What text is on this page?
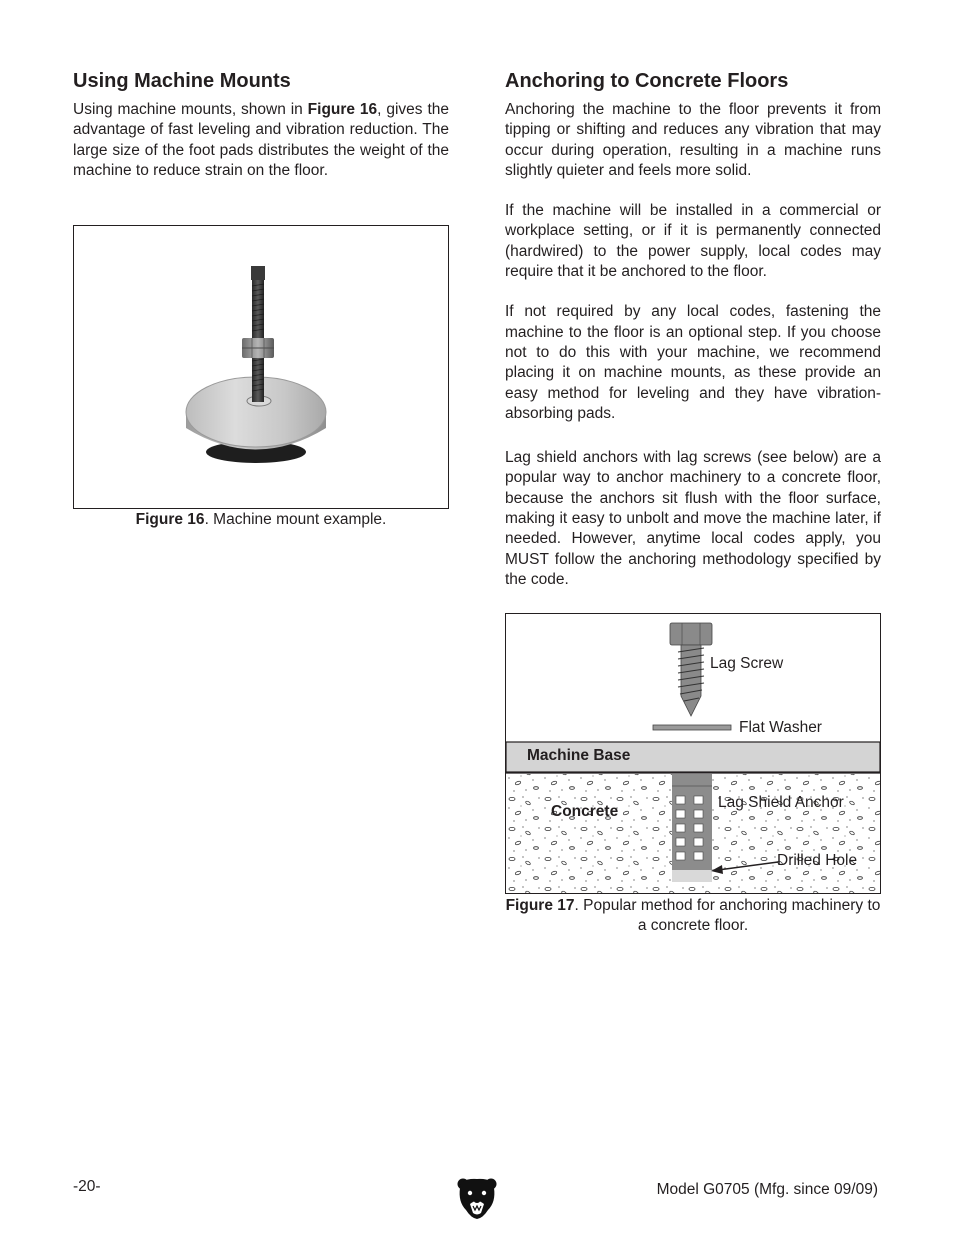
Using Machine Mounts

Using machine mounts, shown in Figure 16, gives the advantage of fast leveling and vibration reduction. The large size of the foot pads distributes the weight of the machine to reduce strain on the floor.

Figure 16. Machine mount example.
Anchoring to Concrete Floors

Anchoring the machine to the floor prevents it from tipping or shifting and reduces any vibration that may occur during operation, resulting in a machine runs slightly quieter and feels more solid.

If the machine will be installed in a commercial or workplace setting, or if it is permanently connected (hardwired) to the power supply, local codes may require that it be anchored to the floor.

If not required by any local codes, fastening the machine to the floor is an optional step. If you choose not to do this with your machine, we recommend placing it on machine mounts, as these provide an easy method for leveling and they have vibration-absorbing pads.

Lag shield anchors with lag screws (see below) are a popular way to anchor machinery to a concrete floor, because the anchors sit flush with the floor surface, making it easy to unbolt and move the machine later, if needed. However, anytime local codes apply, you MUST follow the anchoring methodology specified by the code.

Lag Screw
Flat Washer
Machine Base
Concrete
Lag Shield Anchor
Drilled Hole
Figure 17. Popular method for anchoring machinery to a concrete floor.
-20-	Model G0705 (Mfg. since 09/09)
